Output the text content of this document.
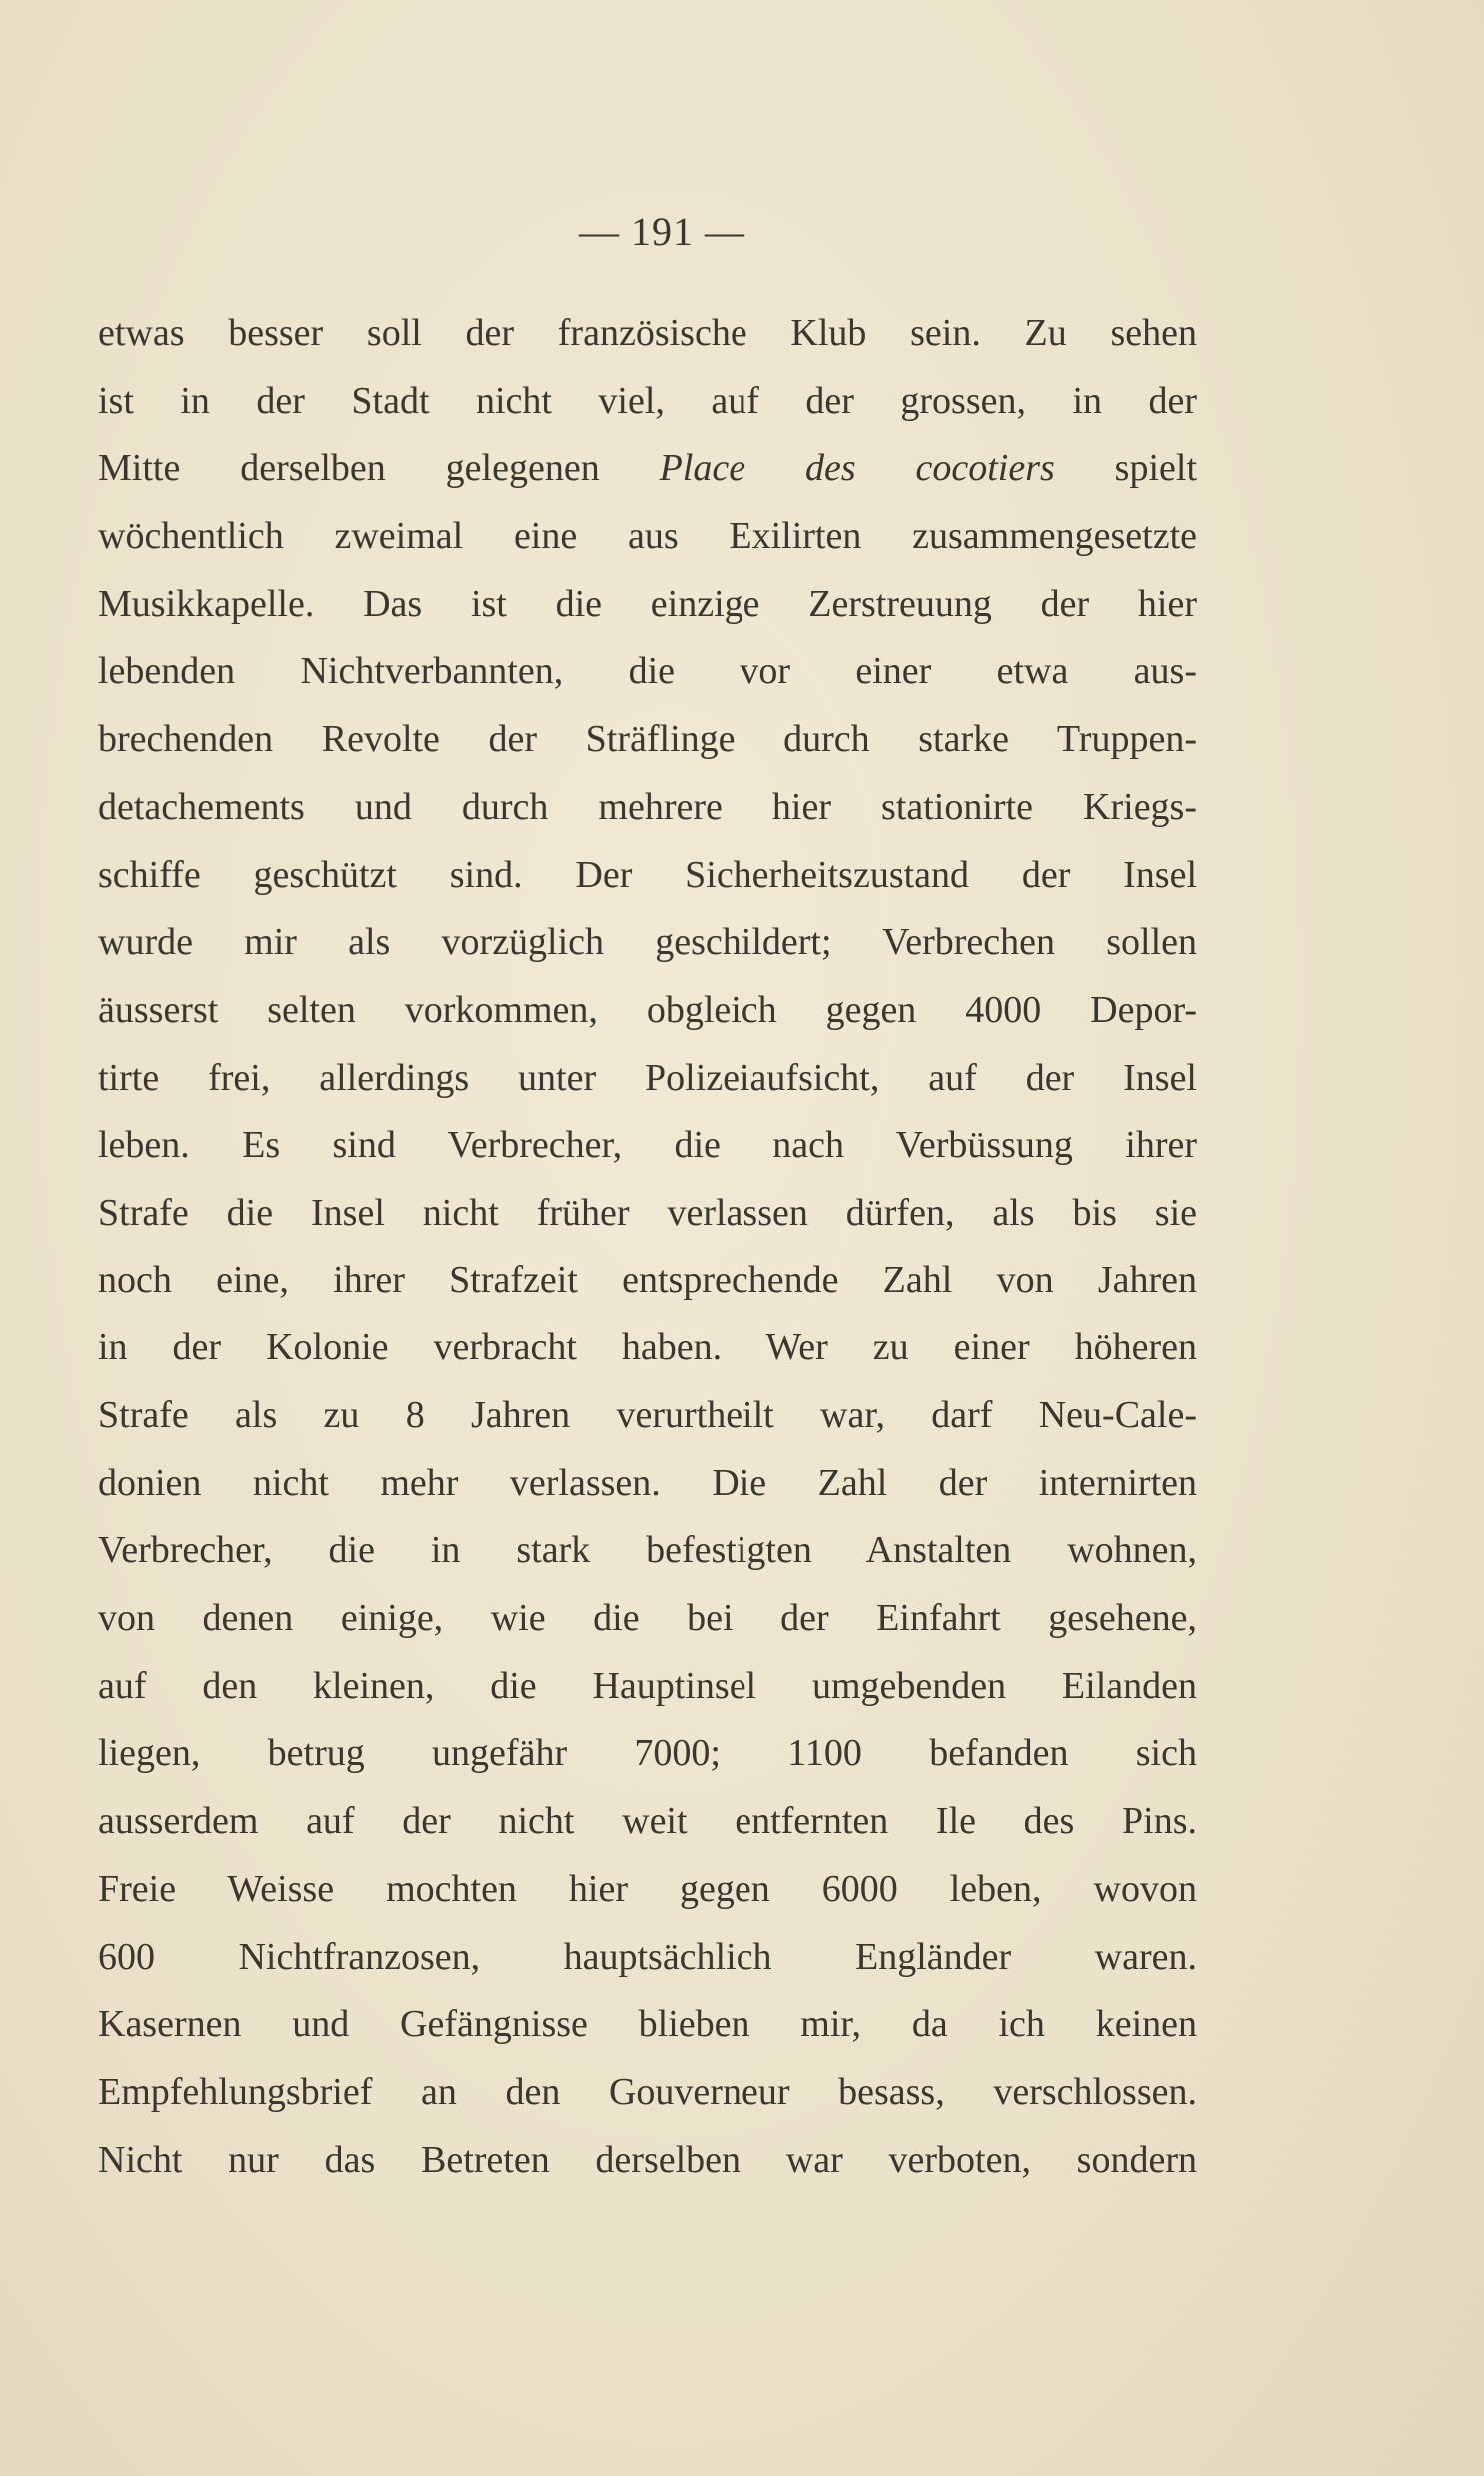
— 191 —
etwas besser soll der französische Klub sein. Zu sehen
ist in der Stadt nicht viel, auf der grossen, in der
Mitte derselben gelegenen Place des cocotiers spielt
wöchentlich zweimal eine aus Exilirten zusammengesetzte
Musikkapelle. Das ist die einzige Zerstreuung der hier
lebenden Nichtverbannten, die vor einer etwa aus-
brechenden Revolte der Sträflinge durch starke Truppen-
detachements und durch mehrere hier stationirte Kriegs-
schiffe geschützt sind. Der Sicherheitszustand der Insel
wurde mir als vorzüglich geschildert; Verbrechen sollen
äusserst selten vorkommen, obgleich gegen 4000 Depor-
tirte frei, allerdings unter Polizeiaufsicht, auf der Insel
leben. Es sind Verbrecher, die nach Verbüssung ihrer
Strafe die Insel nicht früher verlassen dürfen, als bis sie
noch eine, ihrer Strafzeit entsprechende Zahl von Jahren
in der Kolonie verbracht haben. Wer zu einer höheren
Strafe als zu 8 Jahren verurtheilt war, darf Neu-Cale-
donien nicht mehr verlassen. Die Zahl der internirten
Verbrecher, die in stark befestigten Anstalten wohnen,
von denen einige, wie die bei der Einfahrt gesehene,
auf den kleinen, die Hauptinsel umgebenden Eilanden
liegen, betrug ungefähr 7000; 1100 befanden sich
ausserdem auf der nicht weit entfernten Ile des Pins.
Freie Weisse mochten hier gegen 6000 leben, wovon
600 Nichtfranzosen, hauptsächlich Engländer waren.
Kasernen und Gefängnisse blieben mir, da ich keinen
Empfehlungsbrief an den Gouverneur besass, verschlossen.
Nicht nur das Betreten derselben war verboten, sondern
